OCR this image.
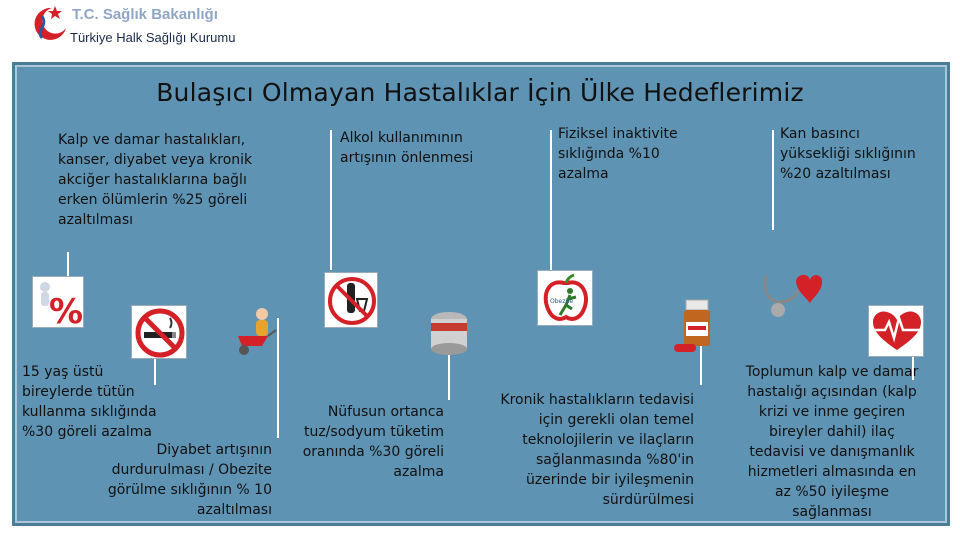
T.C. Sağlık Bakanlığı
Türkiye Halk Sağlığı Kurumu
Bulaşıcı Olmayan Hastalıklar İçin Ülke Hedeflerimiz
Kalp ve damar hastalıkları, kanser, diyabet veya kronik akciğer hastalıklarına bağlı erken ölümlerin %25 göreli azaltılması
Alkol kullanımının artışının önlenmesi
Fiziksel inaktivite sıklığında %10 azalma
Kan basıncı yüksekliği sıklığının %20 azaltılması
15 yaş üstü bireylerde tütün kullanma sıklığında %30 göreli azalma
Diyabet artışının durdurulması / Obezite görülme sıklığının % 10 azaltılması
Nüfusun ortanca tuz/sodyum tüketim oranında %30 göreli azalma
Kronik hastalıkların tedavisi için gerekli olan temel teknolojilerin ve ilaçların sağlanmasında %80'in üzerinde bir iyileşmenin sürdürülmesi
Toplumun kalp ve damar hastalığı açısından (kalp krizi ve inme geçiren bireyler dahil) ilaç tedavisi ve danışmanlık hizmetleri almasında en az %50 iyileşme sağlanması
%	Obezite
